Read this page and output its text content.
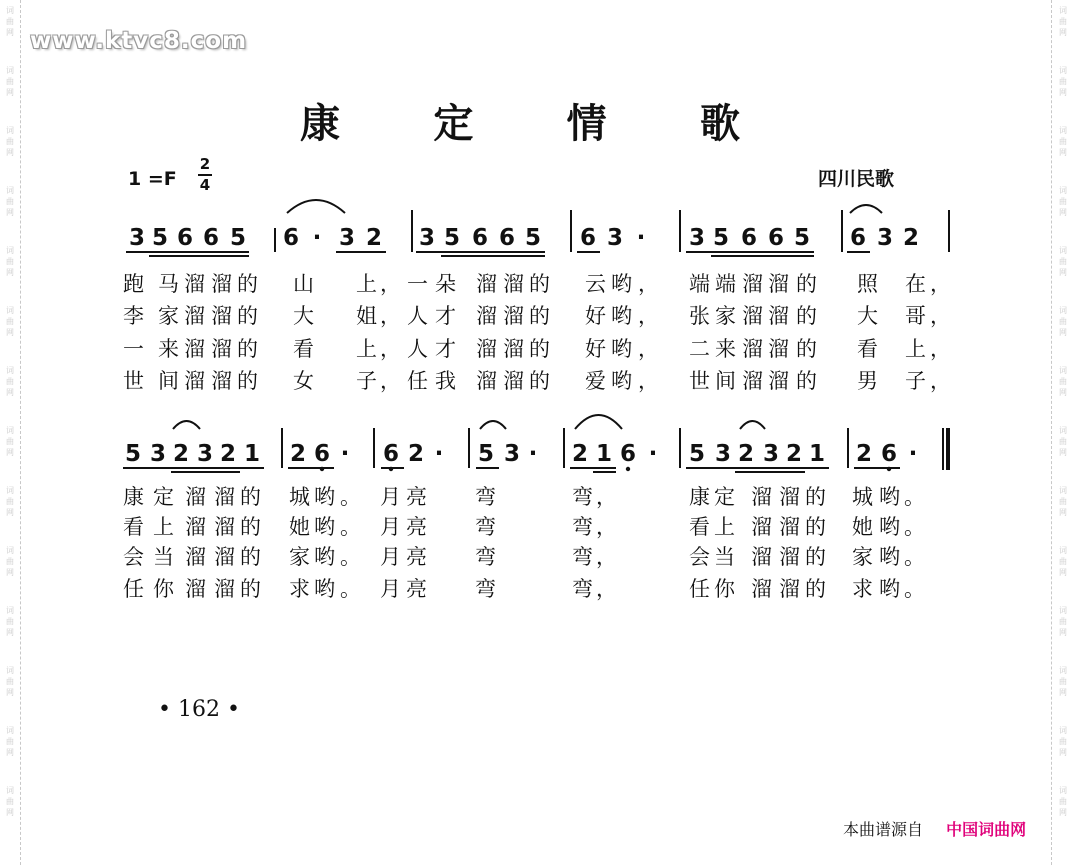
词
曲
网
词
曲
网
词
曲
网
词
曲
网
词
曲
网
词
曲
网
词
曲
网
词
曲
网
词
曲
网
词
曲
网
词
曲
网
词
曲
网
词
曲
网
词
曲
网
词
曲
网
词
曲
网
词
曲
网
词
曲
网
词
曲
网
词
曲
网
词
曲
网
词
曲
网
词
曲
网
词
曲
网
词
曲
网
词
曲
网
词
曲
网
词
曲
网
www.ktvc8.com
康 定 情 歌
1 =F
2
4	四川民歌
3 5 6 6 5 6 · 3 2 3 5 6 6 5 6 3 · 3 5 6 6 5 6 3 2
5 3 2 3 2 1 2 6 · 6 2 · 5 3 · 2 1 6 · 5 3 2 3 2 1 2 6 ·
跑 马 溜 溜 的 山 上 ， 一 朵 溜 溜 的 云 哟 ， 端 端 溜 溜 的 照 在 ，
李 家 溜 溜 的 大 姐 ， 人 才 溜 溜 的 好 哟 ， 张 家 溜 溜 的 大 哥 ，
一 来 溜 溜 的 看 上 ， 人 才 溜 溜 的 好 哟 ， 二 来 溜 溜 的 看 上 ，
世 间 溜 溜 的 女 子 ， 任 我 溜 溜 的 爱 哟 ， 世 间 溜 溜 的 男 子 ，
康 定 溜 溜 的 城 哟 。 月 亮 弯	弯 ，	康 定 溜 溜 的 城 哟 。
看 上 溜 溜 的 她 哟 。 月 亮 弯	弯 ，	看 上 溜 溜 的 她 哟 。
会 当 溜 溜 的 家 哟 。 月 亮 弯	弯 ，	会 当 溜 溜 的 家 哟 。
任 你 溜 溜 的 求 哟 。 月 亮 弯	弯 ，	任 你 溜 溜 的 求 哟 。
• 162 •
本曲谱源自 中国词曲网
